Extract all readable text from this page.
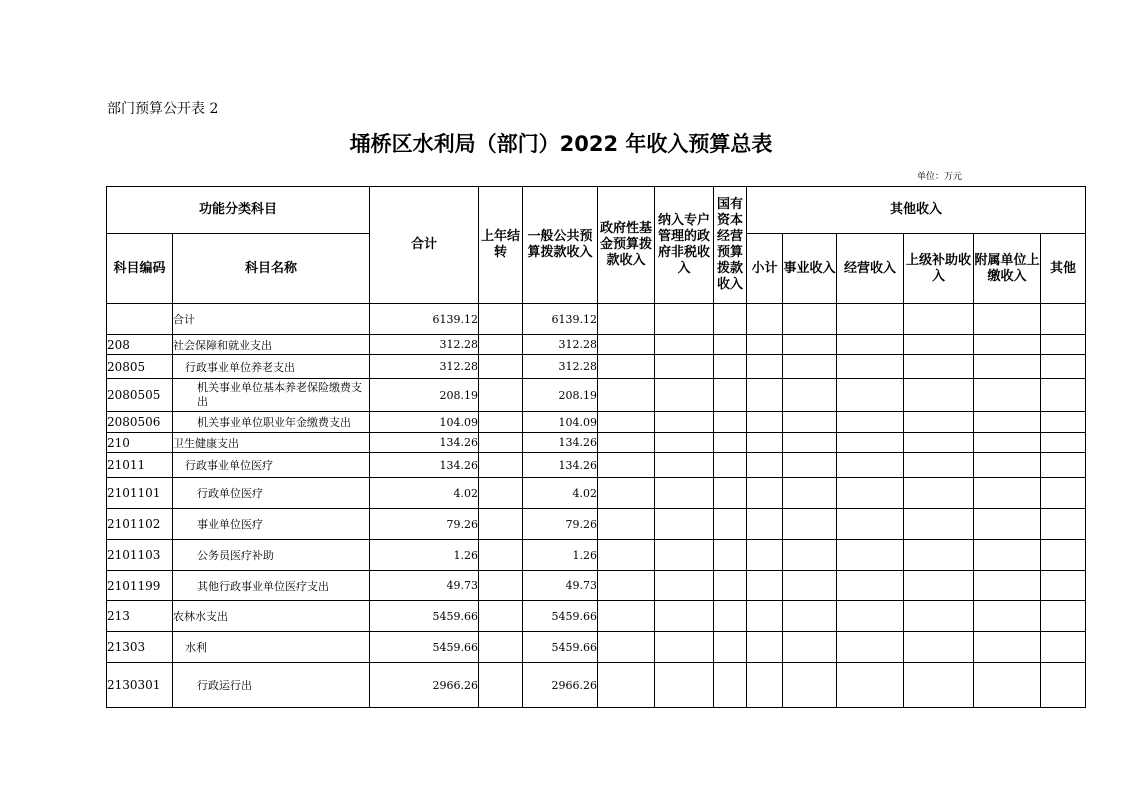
部门预算公开表 2
埇桥区水利局（部门）2022 年收入预算总表
单位：万元
功能分类科目		合计	上年结转	一般公共预算拨款收入	政府性基金预算拨款收入	纳入专户管理的政府非税收入	国有资本经营预算拨款收入	其他收入					
科目编码	科目名称							小计	事业收入	经营收入	上级补助收入	附属单位上缴收入	其他
	合计	6139.12		6139.12									
208	社会保障和就业支出	312.28		312.28									
20805	行政事业单位养老支出	312.28		312.28									
2080505	机关事业单位基本养老保险缴费支出	208.19		208.19									
2080506	机关事业单位职业年金缴费支出	104.09		104.09									
210	卫生健康支出	134.26		134.26									
21011	行政事业单位医疗	134.26		134.26									
2101101	行政单位医疗	4.02		4.02									
2101102	事业单位医疗	79.26		79.26									
2101103	公务员医疗补助	1.26		1.26									
2101199	其他行政事业单位医疗支出	49.73		49.73									
213	农林水支出	5459.66		5459.66									
21303	水利	5459.66		5459.66									
2130301	行政运行出	2966.26		2966.26									
